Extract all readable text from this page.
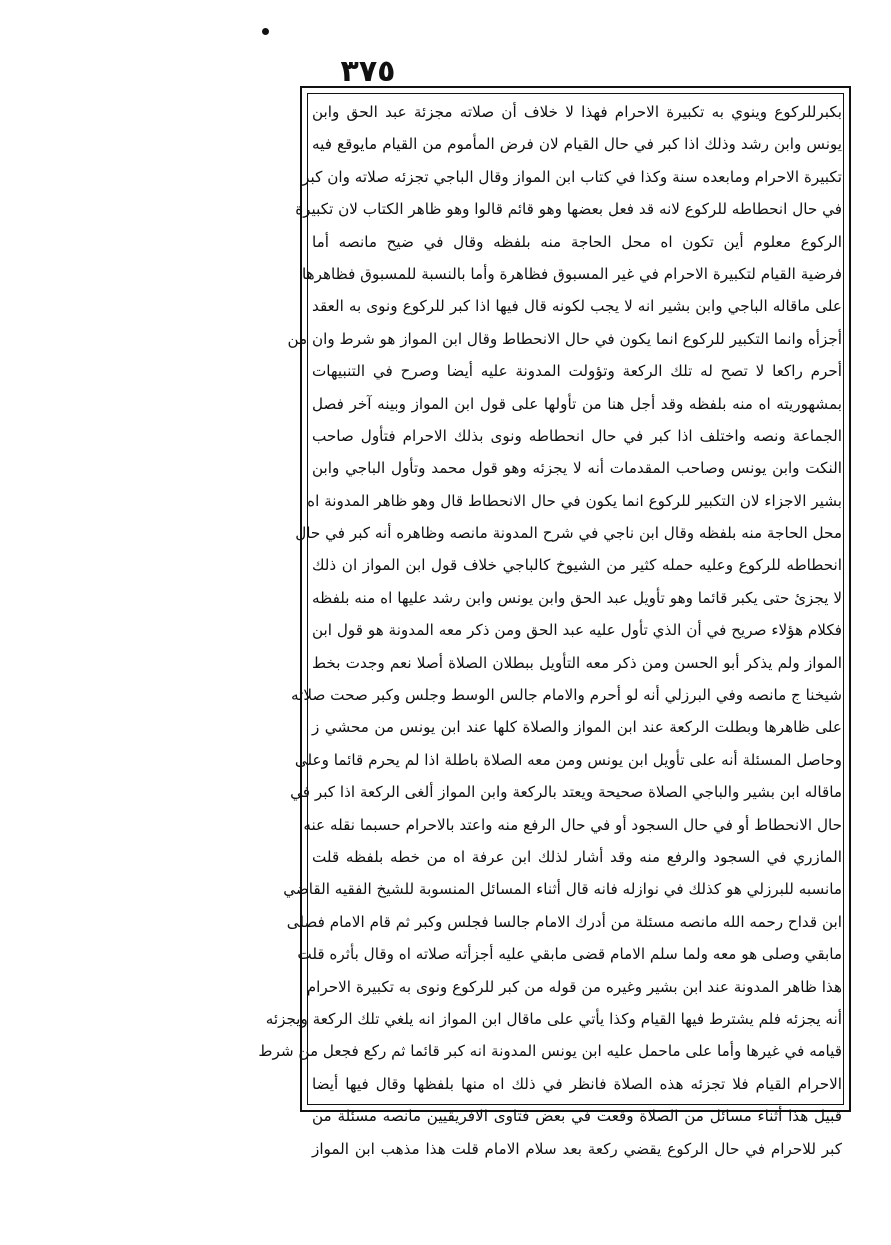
٣٧٥
بكبرللركوع وينوي به تكبيرة الاحرام فهذا لا خلاف أن صلاته مجزئة عبد الحق وابن
يونس وابن رشد وذلك اذا كبر في حال القيام لان فرض المأموم من القيام مايوقع فيه
تكبيرة الاحرام ومابعده سنة وكذا في كتاب ابن المواز وقال الباجي تجزئه صلاته وان كبر
في حال انحطاطه للركوع لانه قد فعل بعضها وهو قائم قالوا وهو ظاهر الكتاب لان تكبيرة
الركوع معلوم أين تكون اه محل الحاجة منه بلفظه وقال في ضيح مانصه أما
فرضية القيام لتكبيرة الاحرام في غير المسبوق فظاهرة وأما بالنسبة للمسبوق فظاهرها
على ماقاله الباجي وابن بشير انه لا يجب لكونه قال فيها اذا كبر للركوع ونوى به العقد
أجزأه وانما التكبير للركوع انما يكون في حال الانحطاط وقال ابن المواز هو شرط وان من
أحرم راكعا لا تصح له تلك الركعة وتؤولت المدونة عليه أيضا وصرح في التنبيهات
بمشهوريته اه منه بلفظه وقد أجل هنا من تأولها على قول ابن المواز وبينه آخر فصل
الجماعة ونصه واختلف اذا كبر في حال انحطاطه ونوى بذلك الاحرام فتأول صاحب
النكت وابن يونس وصاحب المقدمات أنه لا يجزئه وهو قول محمد وتأول الباجي وابن
بشير الاجزاء لان التكبير للركوع انما يكون في حال الانحطاط قال وهو ظاهر المدونة اه
محل الحاجة منه بلفظه وقال ابن ناجي في شرح المدونة مانصه وظاهره أنه كبر في حال
انحطاطه للركوع وعليه حمله كثير من الشيوخ كالباجي خلاف قول ابن المواز ان ذلك
لا يجزئ حتى يكبر قائما وهو تأويل عبد الحق وابن يونس وابن رشد عليها اه منه بلفظه
فكلام هؤلاء صريح في أن الذي تأول عليه عبد الحق ومن ذكر معه المدونة هو قول ابن
المواز ولم يذكر أبو الحسن ومن ذكر معه التأويل ببطلان الصلاة أصلا نعم وجدت بخط
شيخنا ج مانصه وفي البرزلي أنه لو أحرم والامام جالس الوسط وجلس وكبر صحت صلاته
على ظاهرها وبطلت الركعة عند ابن المواز والصلاة كلها عند ابن يونس من محشي ز
وحاصل المسئلة أنه على تأويل ابن يونس ومن معه الصلاة باطلة اذا لم يحرم قائما وعلى
ماقاله ابن بشير والباجي الصلاة صحيحة ويعتد بالركعة وابن المواز ألغى الركعة اذا كبر في
حال الانحطاط أو في حال السجود أو في حال الرفع منه واعتد بالاحرام حسبما نقله عنه
المازري في السجود والرفع منه وقد أشار لذلك ابن عرفة اه من خطه بلفظه قلت
مانسبه للبرزلي هو كذلك في نوازله فانه قال أثناء المسائل المنسوبة للشيخ الفقيه القاضي
ابن قداح رحمه الله مانصه مسئلة من أدرك الامام جالسا فجلس وكبر ثم قام الامام فصلى
مابقي وصلى هو معه ولما سلم الامام قضى مابقي عليه أجزأته صلاته اه وقال بأثره قلت
هذا ظاهر المدونة عند ابن بشير وغيره من قوله من كبر للركوع ونوى به تكبيرة الاحرام
أنه يجزئه فلم يشترط فيها القيام وكذا يأتي على ماقال ابن المواز انه يلغي تلك الركعة ويجزئه
قيامه في غيرها وأما على ماحمل عليه ابن يونس المدونة انه كبر قائما ثم ركع فجعل من شرط
الاحرام القيام فلا تجزئه هذه الصلاة فانظر في ذلك اه منها بلفظها وقال فيها أيضا
قبيل هذا أثناء مسائل من الصلاة وقعت في بعض فتاوى الافريقيين مانصه مسئلة من
كبر للاحرام في حال الركوع يقضي ركعة بعد سلام الامام قلت هذا مذهب ابن المواز
